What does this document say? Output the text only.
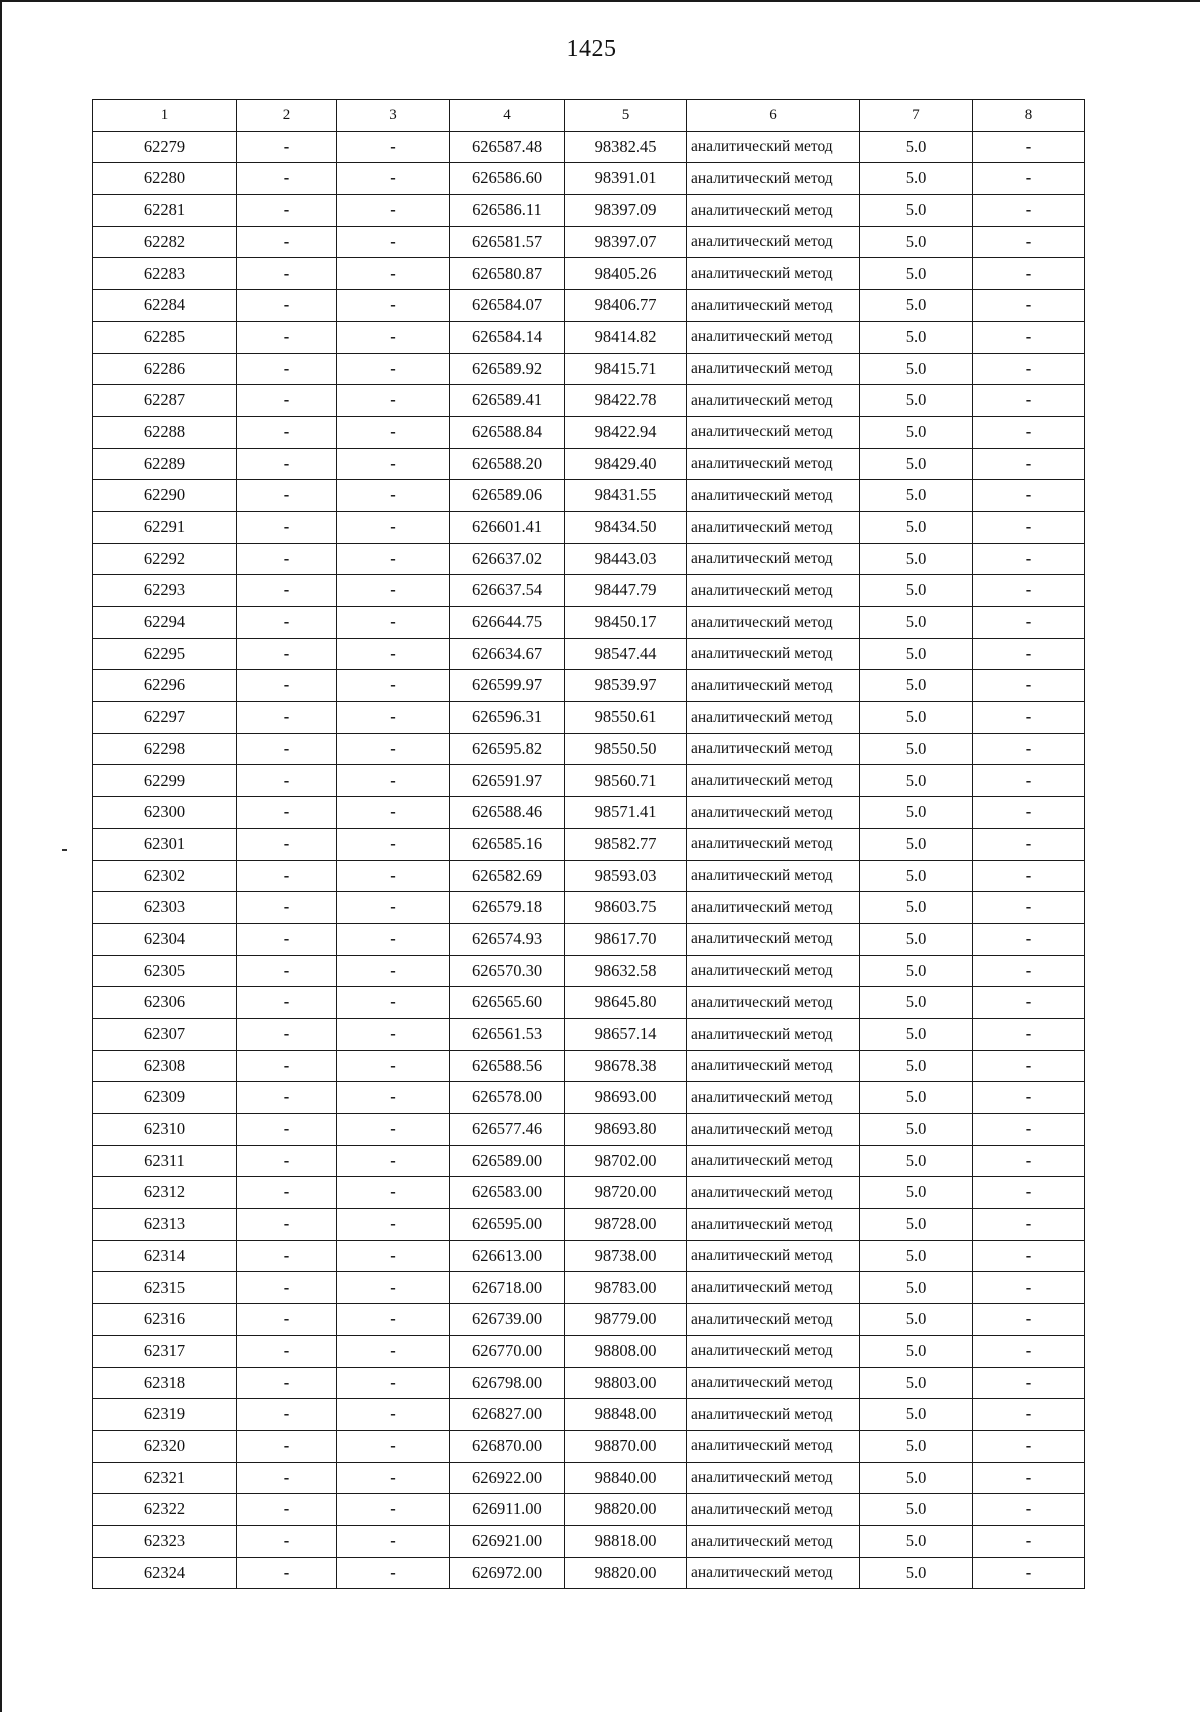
1425
1	2	3	4	5	6	7	8
62279	-	-	626587.48	98382.45	аналитический метод	5.0	-
62280	-	-	626586.60	98391.01	аналитический метод	5.0	-
62281	-	-	626586.11	98397.09	аналитический метод	5.0	-
62282	-	-	626581.57	98397.07	аналитический метод	5.0	-
62283	-	-	626580.87	98405.26	аналитический метод	5.0	-
62284	-	-	626584.07	98406.77	аналитический метод	5.0	-
62285	-	-	626584.14	98414.82	аналитический метод	5.0	-
62286	-	-	626589.92	98415.71	аналитический метод	5.0	-
62287	-	-	626589.41	98422.78	аналитический метод	5.0	-
62288	-	-	626588.84	98422.94	аналитический метод	5.0	-
62289	-	-	626588.20	98429.40	аналитический метод	5.0	-
62290	-	-	626589.06	98431.55	аналитический метод	5.0	-
62291	-	-	626601.41	98434.50	аналитический метод	5.0	-
62292	-	-	626637.02	98443.03	аналитический метод	5.0	-
62293	-	-	626637.54	98447.79	аналитический метод	5.0	-
62294	-	-	626644.75	98450.17	аналитический метод	5.0	-
62295	-	-	626634.67	98547.44	аналитический метод	5.0	-
62296	-	-	626599.97	98539.97	аналитический метод	5.0	-
62297	-	-	626596.31	98550.61	аналитический метод	5.0	-
62298	-	-	626595.82	98550.50	аналитический метод	5.0	-
62299	-	-	626591.97	98560.71	аналитический метод	5.0	-
62300	-	-	626588.46	98571.41	аналитический метод	5.0	-
62301	-	-	626585.16	98582.77	аналитический метод	5.0	-
62302	-	-	626582.69	98593.03	аналитический метод	5.0	-
62303	-	-	626579.18	98603.75	аналитический метод	5.0	-
62304	-	-	626574.93	98617.70	аналитический метод	5.0	-
62305	-	-	626570.30	98632.58	аналитический метод	5.0	-
62306	-	-	626565.60	98645.80	аналитический метод	5.0	-
62307	-	-	626561.53	98657.14	аналитический метод	5.0	-
62308	-	-	626588.56	98678.38	аналитический метод	5.0	-
62309	-	-	626578.00	98693.00	аналитический метод	5.0	-
62310	-	-	626577.46	98693.80	аналитический метод	5.0	-
62311	-	-	626589.00	98702.00	аналитический метод	5.0	-
62312	-	-	626583.00	98720.00	аналитический метод	5.0	-
62313	-	-	626595.00	98728.00	аналитический метод	5.0	-
62314	-	-	626613.00	98738.00	аналитический метод	5.0	-
62315	-	-	626718.00	98783.00	аналитический метод	5.0	-
62316	-	-	626739.00	98779.00	аналитический метод	5.0	-
62317	-	-	626770.00	98808.00	аналитический метод	5.0	-
62318	-	-	626798.00	98803.00	аналитический метод	5.0	-
62319	-	-	626827.00	98848.00	аналитический метод	5.0	-
62320	-	-	626870.00	98870.00	аналитический метод	5.0	-
62321	-	-	626922.00	98840.00	аналитический метод	5.0	-
62322	-	-	626911.00	98820.00	аналитический метод	5.0	-
62323	-	-	626921.00	98818.00	аналитический метод	5.0	-
62324	-	-	626972.00	98820.00	аналитический метод	5.0	-
